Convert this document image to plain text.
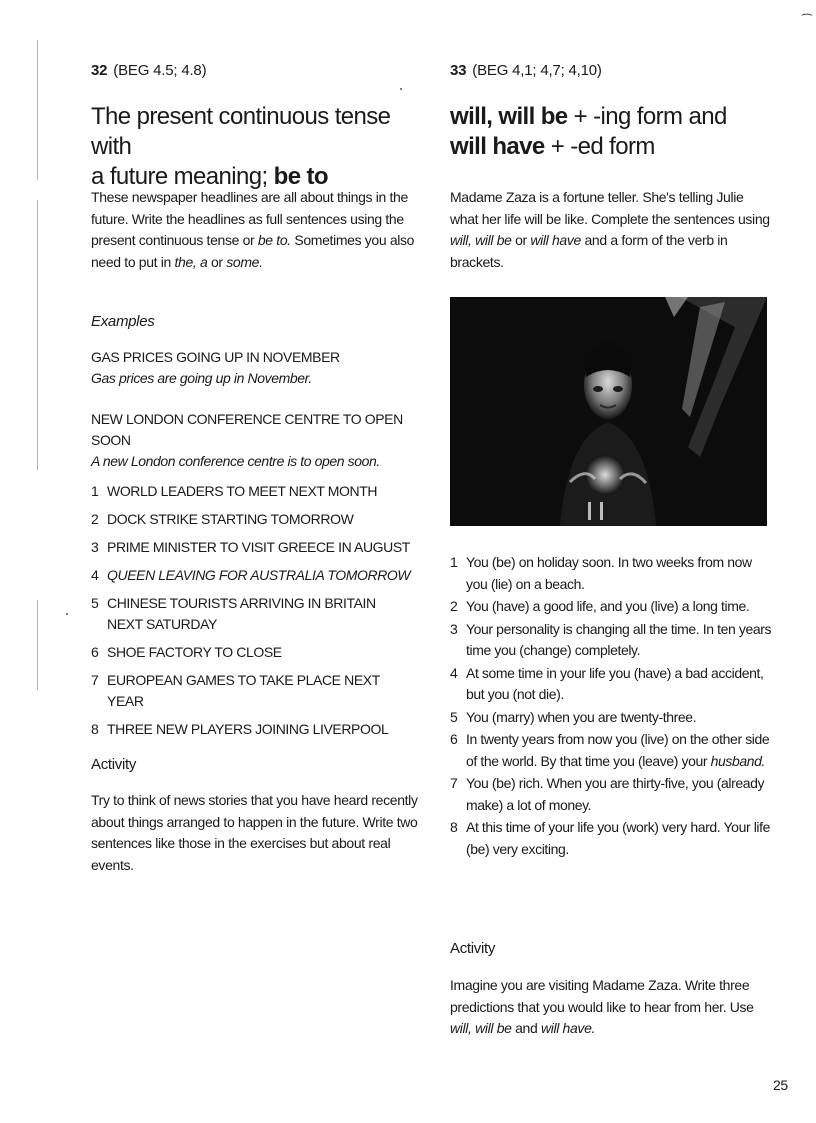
⁔
32 (BEG 4.5; 4.8)
The present continuous tense with
a future meaning; be to

These newspaper headlines are all about things in the future. Write the headlines as full sentences using the present continuous tense or be to. Sometimes you also need to put in the, a or some.

Examples

GAS PRICES GOING UP IN NOVEMBER
Gas prices are going up in November.
NEW LONDON CONFERENCE CENTRE TO OPEN SOON
A new London conference centre is to open soon.
1 WORLD LEADERS TO MEET NEXT MONTH
2 DOCK STRIKE STARTING TOMORROW
3 PRIME MINISTER TO VISIT GREECE IN AUGUST
4 QUEEN LEAVING FOR AUSTRALIA TOMORROW
5 CHINESE TOURISTS ARRIVING IN BRITAIN NEXT SATURDAY
6 SHOE FACTORY TO CLOSE
7 EUROPEAN GAMES TO TAKE PLACE NEXT YEAR
8 THREE NEW PLAYERS JOINING LIVERPOOL

Activity

Try to think of news stories that you have heard recently about things arranged to happen in the future. Write two sentences like those in the exercises but about real events.

33 (BEG 4,1; 4,7; 4,10)
will, will be + -ing form and
will have + -ed form

Madame Zaza is a fortune teller. She's telling Julie what her life will be like. Complete the sentences using will, will be or will have and a form of the verb in brackets.

1 You (be) on holiday soon. In two weeks from now you (lie) on a beach.
2 You (have) a good life, and you (live) a long time.
3 Your personality is changing all the time. In ten years time you (change) completely.
4 At some time in your life you (have) a bad accident, but you (not die).
5 You (marry) when you are twenty-three.
6 In twenty years from now you (live) on the other side of the world. By that time you (leave) your husband.
7 You (be) rich. When you are thirty-five, you (already make) a lot of money.
8 At this time of your life you (work) very hard. Your life (be) very exciting.

Activity

Imagine you are visiting Madame Zaza. Write three predictions that you would like to hear from her. Use will, will be and will have.

25
